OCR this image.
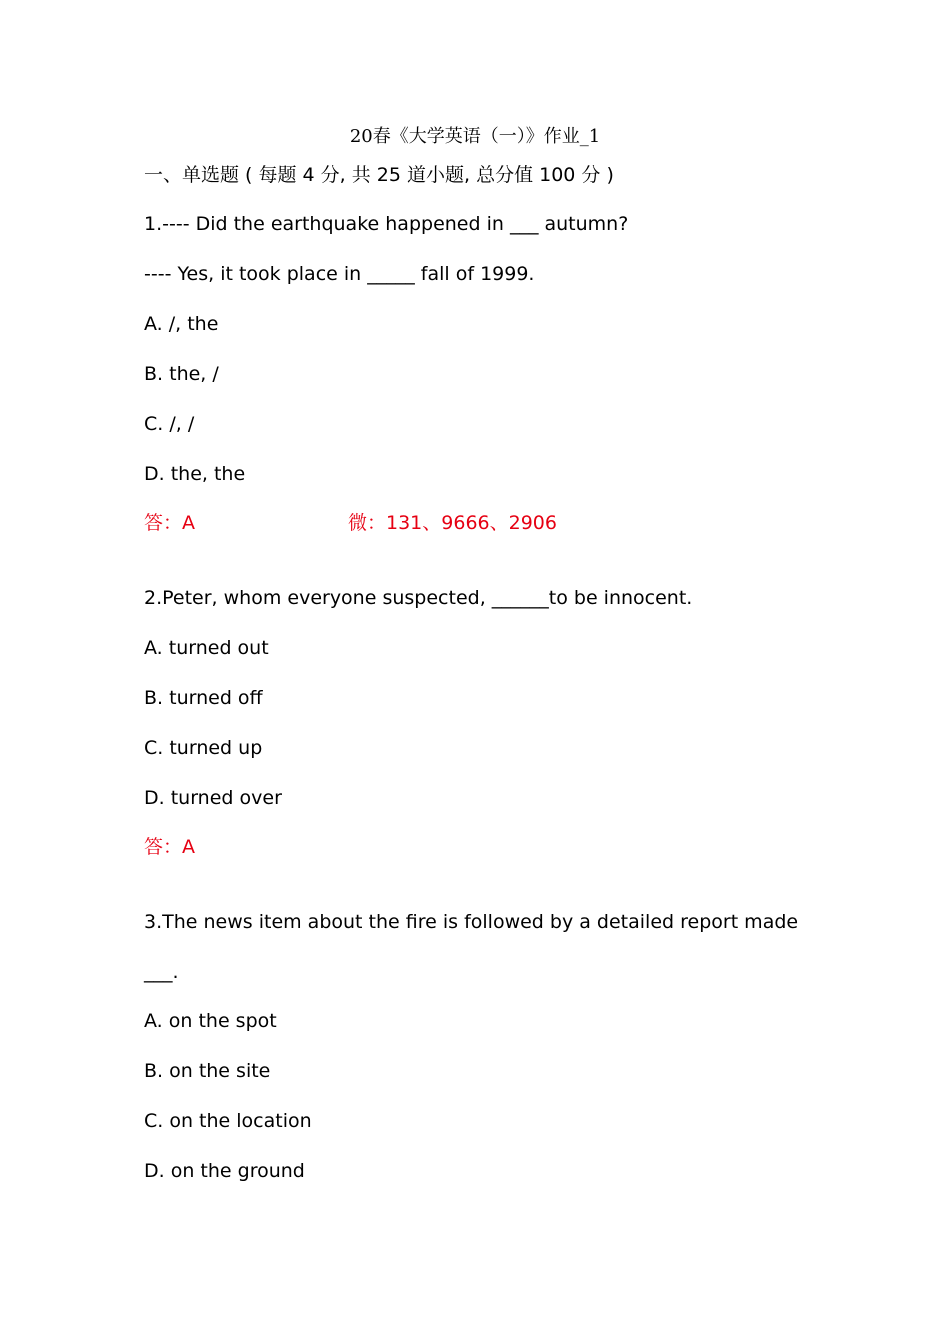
20春《大学英语（一）》作业_1
一、单选题 ( 每题 4 分, 共 25 道小题, 总分值 100 分 )
1.---- Did the earthquake happened in ___ autumn?
---- Yes, it took place in _____ fall of 1999.
A. /, the
B. the, /
C. /, /
D. the, the
答：A	微：131、9666、2906
2.Peter, whom everyone suspected, ______to be innocent.
A. turned out
B. turned off
C. turned up
D. turned over
答：A
3.The news item about the fire is followed by a detailed report made
___.
A. on the spot
B. on the site
C. on the location
D. on the ground
